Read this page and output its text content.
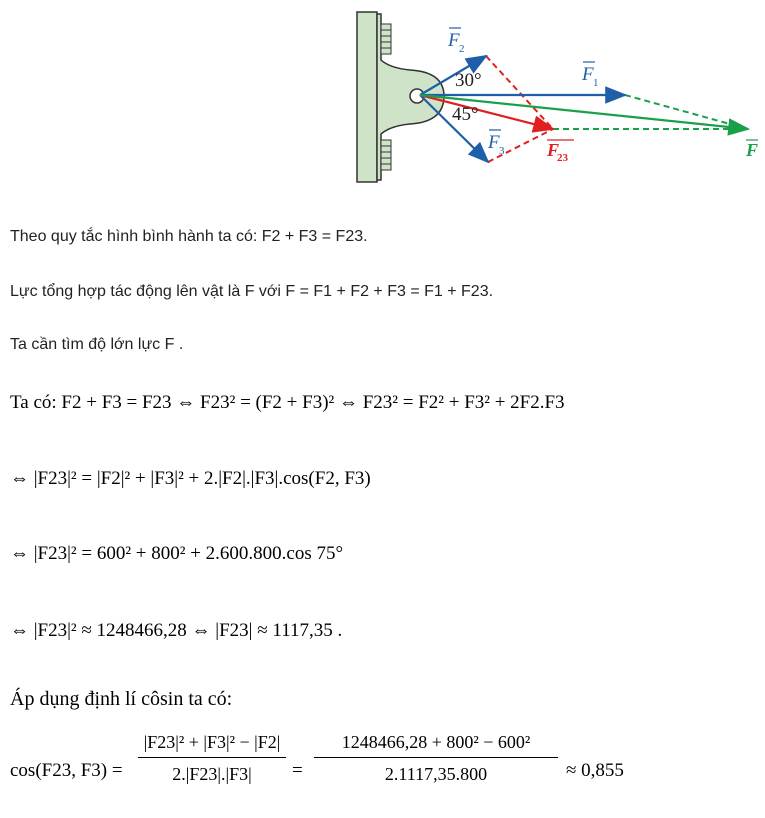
F 2
F 1
F 3 F
23	F
30°
45°
Theo quy tắc hình bình hành ta có: F2 + F3 = F23.
Lực tổng hợp tác động lên vật là F với F = F1 + F2 + F3 = F1 + F23.
Ta cần tìm độ lớn lực F .
Ta có: F2 + F3 = F23 ⇔ F23² = (F2 + F3)² ⇔ F23² = F2² + F3² + 2F2.F3
⇔ |F23|² = |F2|² + |F3|² + 2.|F2|.|F3|.cos(F2, F3)
⇔ |F23|² = 600² + 800² + 2.600.800.cos 75°
⇔ |F23|² ≈ 1248466,28 ⇔ |F23| ≈ 1117,35 .
Áp dụng định lí côsin ta có:
cos(F23, F3) =
|F23|² + |F3|² − |F2|
2.|F23|.|F3|	=
1248466,28 + 800² − 600²
2.1117,35.800	≈ 0,855
